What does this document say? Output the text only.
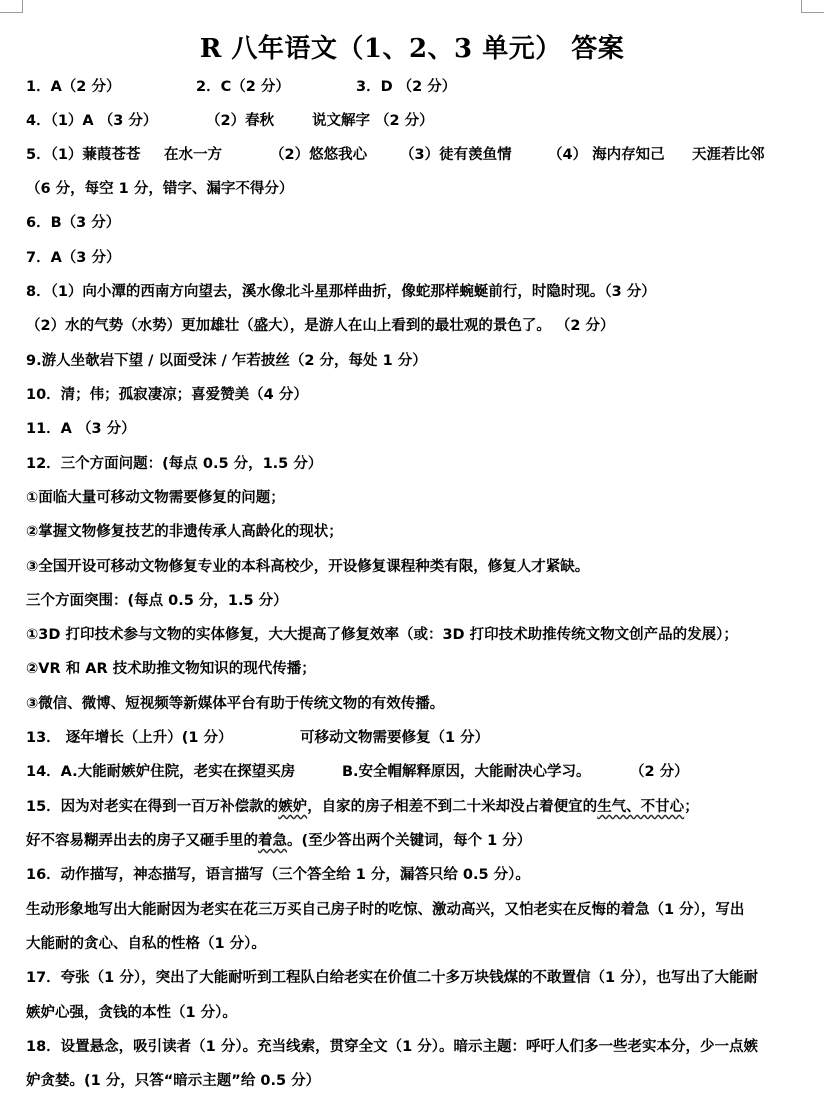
R 八年语文（1、2、3 单元） 答案
1．A（2 分）	2．C（2 分）	3．D （2 分）
4．（1）A （3 分）	（2）春秋	说文解字 （2 分）
5．（1）蒹葭苍苍 在水一方	（2）悠悠我心 （3）徒有羡鱼情	（4） 海内存知己 天涯若比邻
（6 分，每空 1 分，错字、漏字不得分）
6．B（3 分）
7．A（3 分）
8．（1）向小潭的西南方向望去，溪水像北斗星那样曲折，像蛇那样蜿蜒前行，时隐时现。（3 分）
（2）水的气势（水势）更加雄壮（盛大），是游人在山上看到的最壮观的景色了。 （2 分）
9.游人坐欹岩下望 / 以面受沫 / 乍若披丝（2 分，每处 1 分）
10．清；伟；孤寂凄凉；喜爱赞美（4 分）
11．A （3 分）
12．三个方面问题：(每点 0.5 分，1.5 分）
①面临大量可移动文物需要修复的问题；
②掌握文物修复技艺的非遗传承人高龄化的现状；
③全国开设可移动文物修复专业的本科高校少，开设修复课程种类有限，修复人才紧缺。
三个方面突围：(每点 0.5 分，1.5 分）
①3D 打印技术参与文物的实体修复，大大提高了修复效率（或：3D 打印技术助推传统文物文创产品的发展）；
②VR 和 AR 技术助推文物知识的现代传播；
③微信、微博、短视频等新媒体平台有助于传统文物的有效传播。
13． 逐年增长（上升）(1 分）	可移动文物需要修复（1 分）
14．A.大能耐嫉妒住院，老实在探望买房	B.安全帽解释原因，大能耐决心学习。	（2 分）
15．因为对老实在得到一百万补偿款的嫉妒，自家的房子相差不到二十米却没占着便宜的生气、不甘心；
好不容易糊弄出去的房子又砸手里的着急。(至少答出两个关键词，每个 1 分）
16．动作描写，神态描写，语言描写（三个答全给 1 分，漏答只给 0.5 分）。
生动形象地写出大能耐因为老实在花三万买自己房子时的吃惊、激动高兴，又怕老实在反悔的着急（1 分），写出
大能耐的贪心、自私的性格（1 分）。
17．夸张（1 分），突出了大能耐听到工程队白给老实在价值二十多万块钱煤的不敢置信（1 分），也写出了大能耐
嫉妒心强，贪钱的本性（1 分）。
18．设置悬念，吸引读者（1 分）。充当线索，贯穿全文（1 分）。暗示主题：呼吁人们多一些老实本分，少一点嫉
妒贪婪。(1 分，只答“暗示主题”给 0.5 分）
